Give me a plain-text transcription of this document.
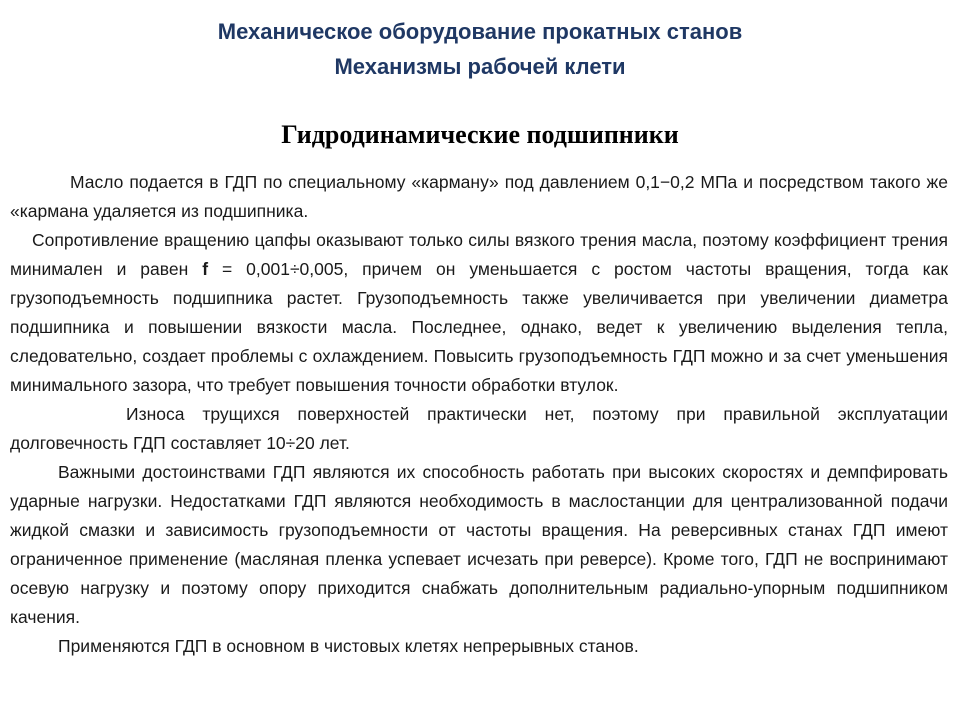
Механическое оборудование прокатных станов
Механизмы рабочей клети
Гидродинамические подшипники

Масло подается в ГДП по специальному «карману» под давлением 0,1−0,2 МПа и посредством такого же «кармана удаляется из подшипника.

Сопротивление вращению цапфы оказывают только силы вязкого трения масла, поэтому коэффициент трения минимален и равен f = 0,001÷0,005, причем он уменьшается с ростом частоты вращения, тогда как грузоподъемность подшипника растет. Грузоподъемность также увеличивается при увеличении диаметра подшипника и повышении вязкости масла. Последнее, однако, ведет к увеличению выделения тепла, следовательно, создает проблемы с охлаждением. Повысить грузоподъемность ГДП можно и за счет уменьшения минимального зазора, что требует повышения точности обработки втулок.

Износа трущихся поверхностей практически нет, поэтому при правильной эксплуатации долговечность ГДП составляет 10÷20 лет.

Важными достоинствами ГДП являются их способность работать при высоких скоростях и демпфировать ударные нагрузки. Недостатками ГДП являются необходимость в маслостанции для централизованной подачи жидкой смазки и зависимость грузоподъемности от частоты вращения. На реверсивных станах ГДП имеют ограниченное применение (масляная пленка успевает исчезать при реверсе). Кроме того, ГДП не воспринимают осевую нагрузку и поэтому опору приходится снабжать дополнительным радиально-упорным подшипником качения.

Применяются ГДП в основном в чистовых клетях непрерывных станов.
